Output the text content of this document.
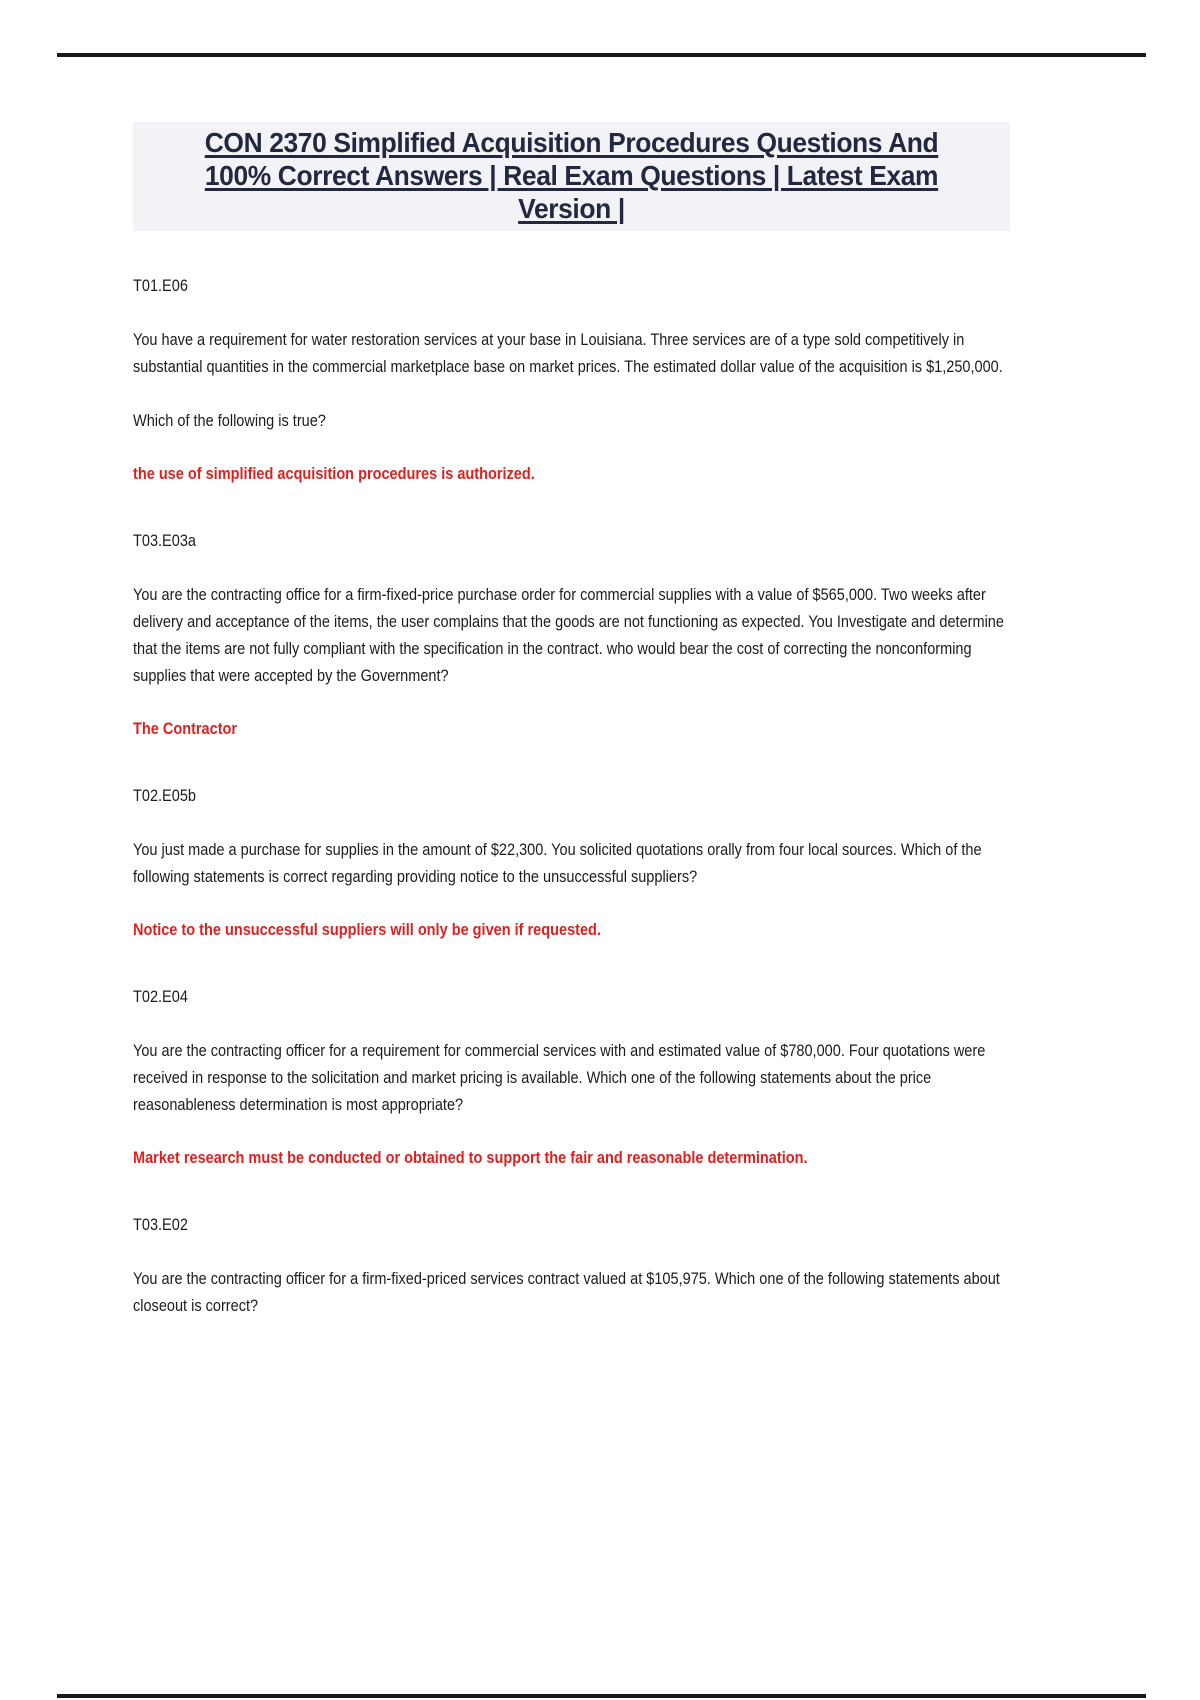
CON 2370 Simplified Acquisition Procedures Questions And
100% Correct Answers | Real Exam Questions | Latest Exam
Version |
T01.E06
You have a requirement for water restoration services at your base in Louisiana. Three services are of a type sold competitively in substantial quantities in the commercial marketplace base on market prices. The estimated dollar value of the acquisition is $1,250,000.
Which of the following is true?
the use of simplified acquisition procedures is authorized.
T03.E03a
You are the contracting office for a firm-fixed-price purchase order for commercial supplies with a value of $565,000. Two weeks after delivery and acceptance of the items, the user complains that the goods are not functioning as expected. You Investigate and determine that the items are not fully compliant with the specification in the contract. who would bear the cost of correcting the nonconforming supplies that were accepted by the Government?
The Contractor
T02.E05b
You just made a purchase for supplies in the amount of $22,300. You solicited quotations orally from four local sources. Which of the following statements is correct regarding providing notice to the unsuccessful suppliers?
Notice to the unsuccessful suppliers will only be given if requested.
T02.E04
You are the contracting officer for a requirement for commercial services with and estimated value of $780,000. Four quotations were received in response to the solicitation and market pricing is available. Which one of the following statements about the price reasonableness determination is most appropriate?
Market research must be conducted or obtained to support the fair and reasonable determination.
T03.E02
You are the contracting officer for a firm-fixed-priced services contract valued at $105,975. Which one of the following statements about closeout is correct?
